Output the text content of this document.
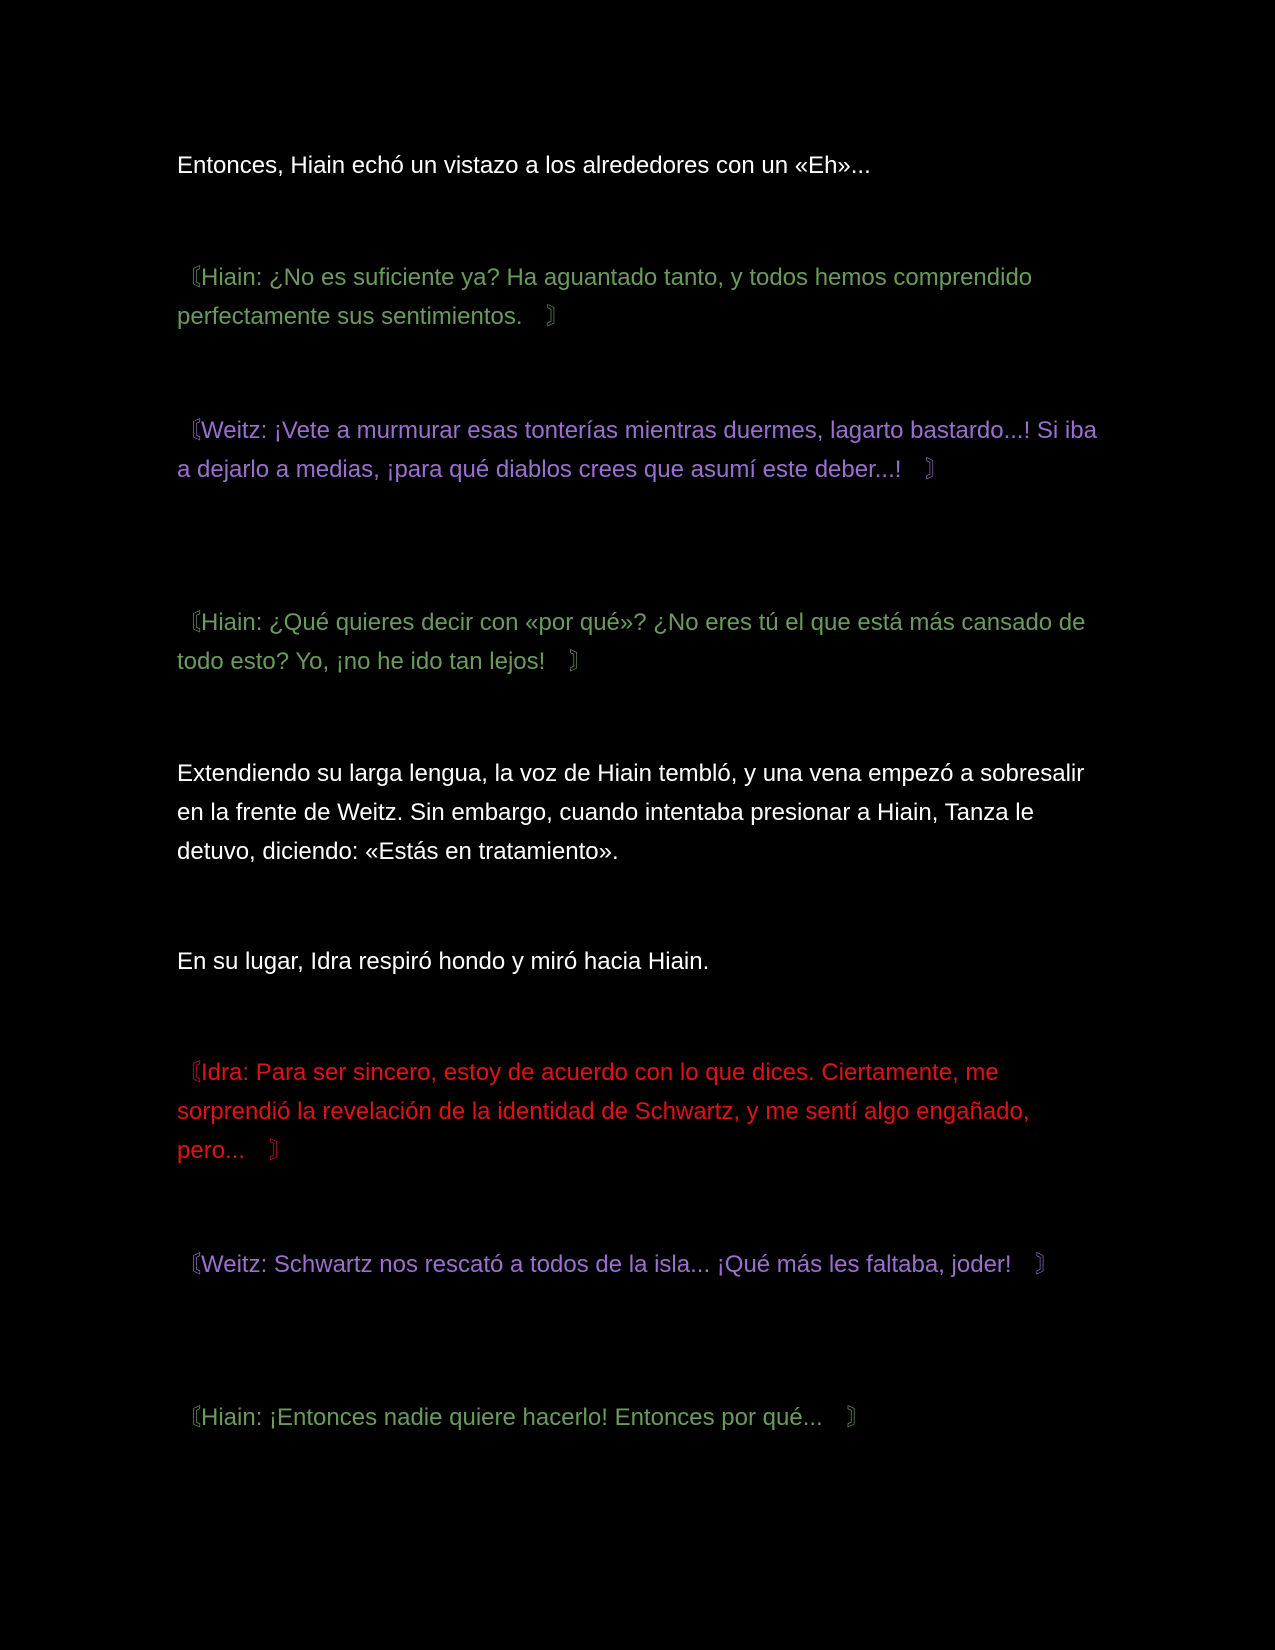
Entonces, Hiain echó un vistazo a los alrededores con un «Eh»...

〘Hiain: ¿No es suficiente ya? Ha aguantado tanto, y todos hemos comprendido perfectamente sus sentimientos.　〙

〘Weitz: ¡Vete a murmurar esas tonterías mientras duermes, lagarto bastardo...! Si iba a dejarlo a medias, ¡para qué diablos crees que asumí este deber...!　〙

〘Hiain: ¿Qué quieres decir con «por qué»? ¿No eres tú el que está más cansado de todo esto? Yo, ¡no he ido tan lejos!　〙

Extendiendo su larga lengua, la voz de Hiain tembló, y una vena empezó a sobresalir en la frente de Weitz. Sin embargo, cuando intentaba presionar a Hiain, Tanza le detuvo, diciendo: «Estás en tratamiento».

En su lugar, Idra respiró hondo y miró hacia Hiain.

〘Idra: Para ser sincero, estoy de acuerdo con lo que dices. Ciertamente, me sorprendió la revelación de la identidad de Schwartz, y me sentí algo engañado, pero...　〙

〘Weitz: Schwartz nos rescató a todos de la isla... ¡Qué más les faltaba, joder!　〙

〘Hiain: ¡Entonces nadie quiere hacerlo! Entonces por qué...　〙
